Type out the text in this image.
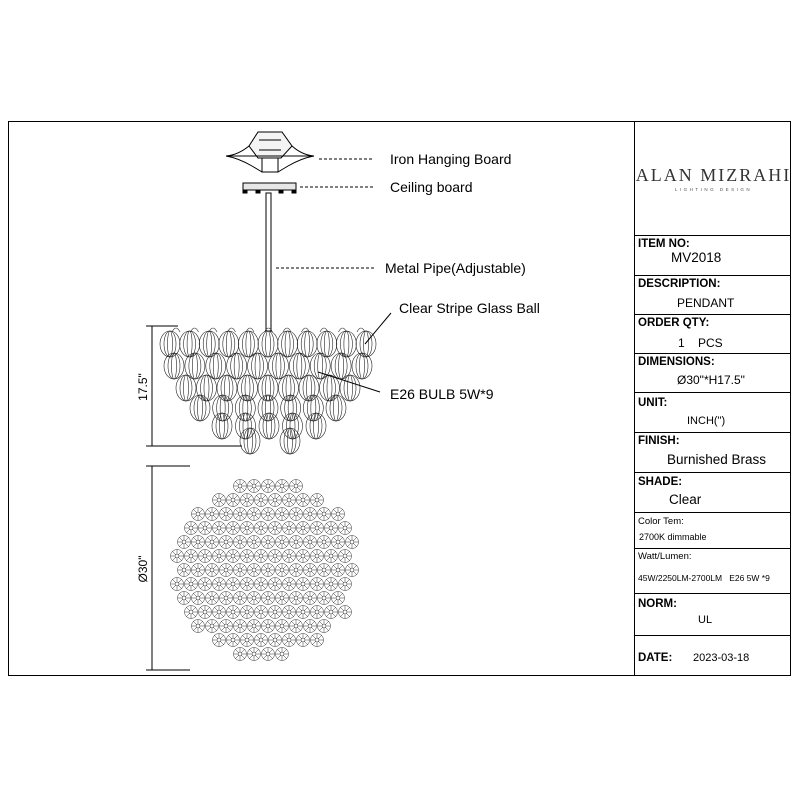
Iron Hanging Board
Ceiling board
Metal Pipe(Adjustable)
Clear Stripe Glass Ball
E26 BULB 5W*9
17.5"
Ø30"
ALAN MIZRAHI
LIGHTING DESIGN
ITEM NO:
MV2018
DESCRIPTION:
PENDANT
ORDER QTY:
1    PCS
DIMENSIONS:
Ø30"*H17.5"
UNIT:
INCH(")
FINISH:
Burnished Brass
SHADE:
Clear
Color Tem:
2700K dimmable
Watt/Lumen:
45W/2250LM-2700LM   E26 5W *9
NORM:
UL
DATE: 2023-03-18
